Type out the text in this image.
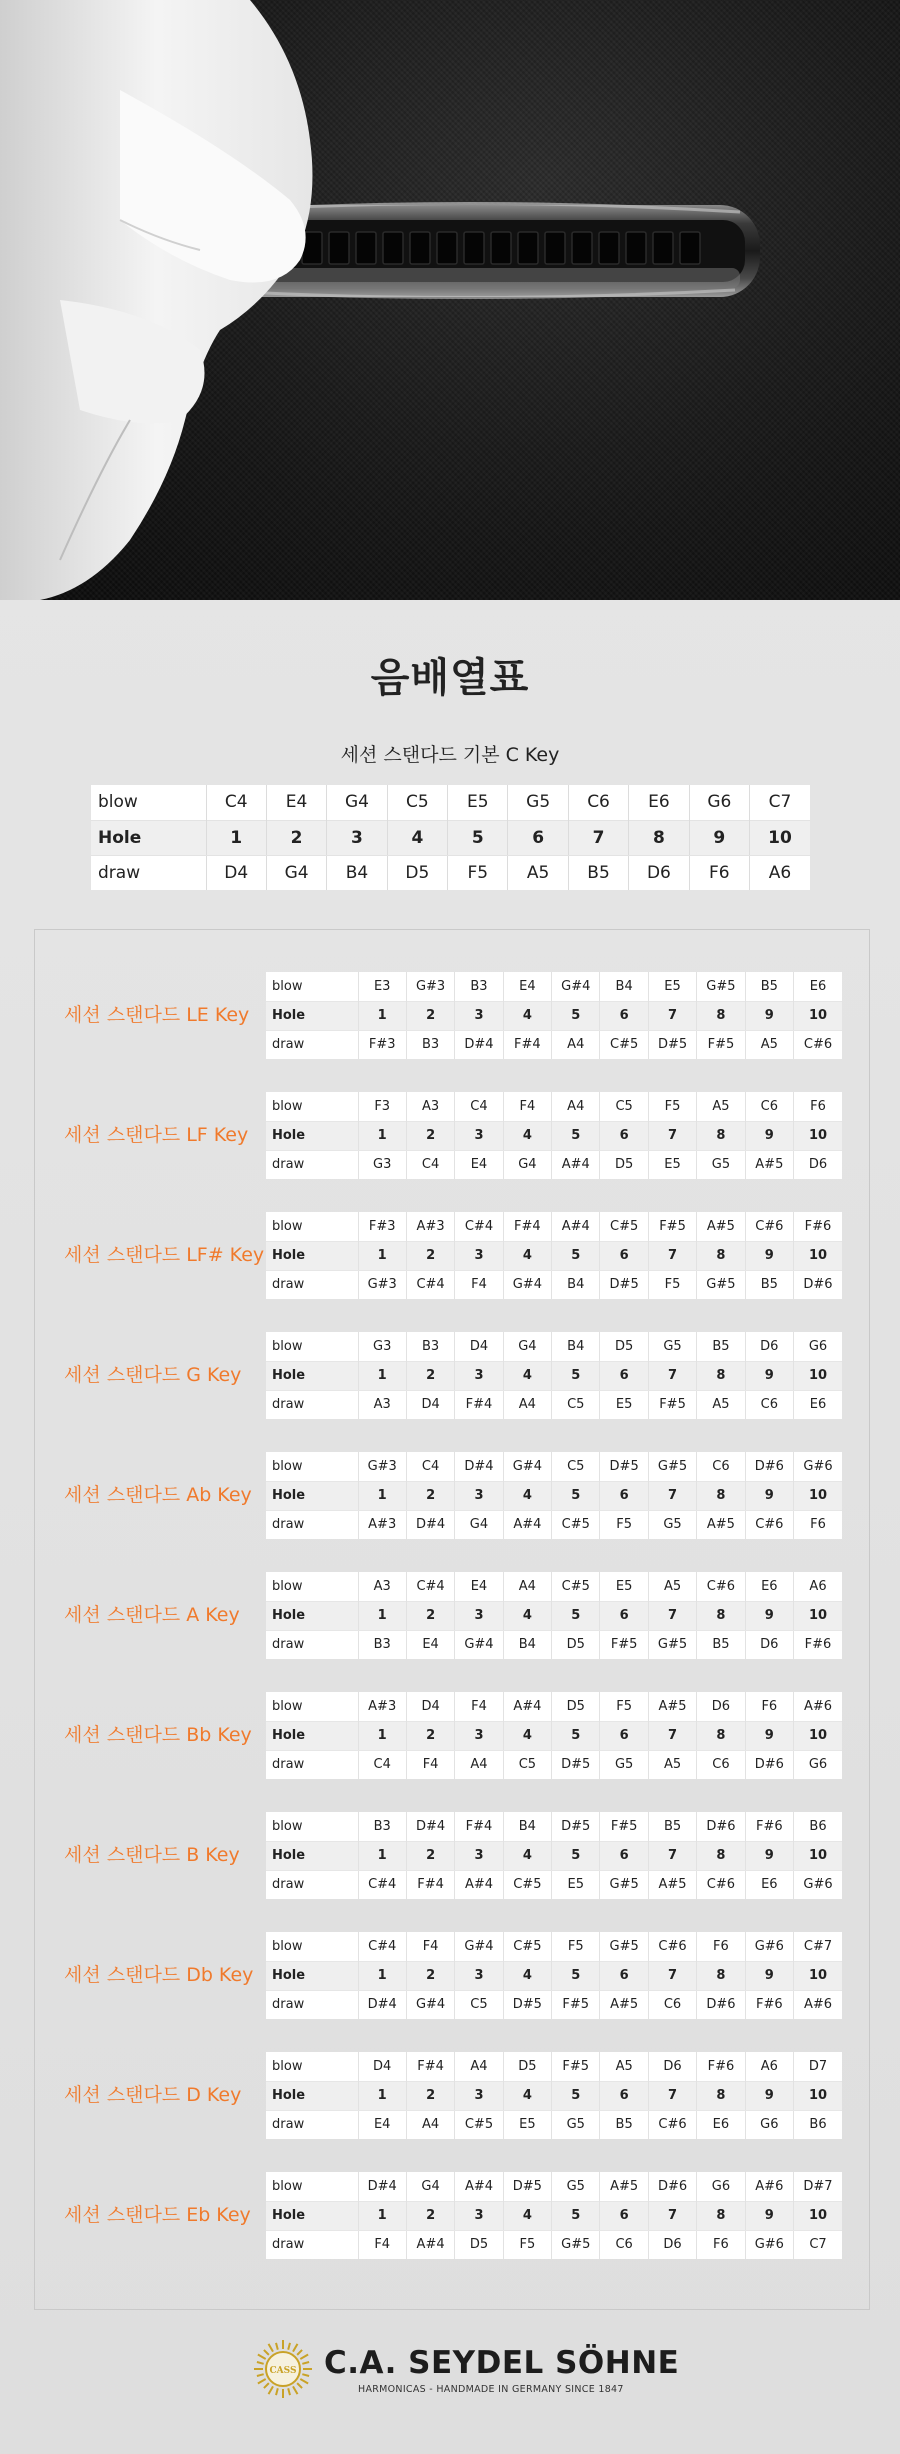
음배열표
세션 스탠다드 기본 C Key
blow	C4	E4	G4	C5	E5	G5	C6	E6	G6	C7
Hole	1	2	3	4	5	6	7	8	9	10
draw	D4	G4	B4	D5	F5	A5	B5	D6	F6	A6
세션 스탠다드 LE Key
blow	E3	G#3	B3	E4	G#4	B4	E5	G#5	B5	E6
Hole	1	2	3	4	5	6	7	8	9	10
draw	F#3	B3	D#4	F#4	A4	C#5	D#5	F#5	A5	C#6
세션 스탠다드 LF Key
blow	F3	A3	C4	F4	A4	C5	F5	A5	C6	F6
Hole	1	2	3	4	5	6	7	8	9	10
draw	G3	C4	E4	G4	A#4	D5	E5	G5	A#5	D6
세션 스탠다드 LF# Key
blow	F#3	A#3	C#4	F#4	A#4	C#5	F#5	A#5	C#6	F#6
Hole	1	2	3	4	5	6	7	8	9	10
draw	G#3	C#4	F4	G#4	B4	D#5	F5	G#5	B5	D#6
세션 스탠다드 G Key
blow	G3	B3	D4	G4	B4	D5	G5	B5	D6	G6
Hole	1	2	3	4	5	6	7	8	9	10
draw	A3	D4	F#4	A4	C5	E5	F#5	A5	C6	E6
세션 스탠다드 Ab Key
blow	G#3	C4	D#4	G#4	C5	D#5	G#5	C6	D#6	G#6
Hole	1	2	3	4	5	6	7	8	9	10
draw	A#3	D#4	G4	A#4	C#5	F5	G5	A#5	C#6	F6
세션 스탠다드 A Key
blow	A3	C#4	E4	A4	C#5	E5	A5	C#6	E6	A6
Hole	1	2	3	4	5	6	7	8	9	10
draw	B3	E4	G#4	B4	D5	F#5	G#5	B5	D6	F#6
세션 스탠다드 Bb Key
blow	A#3	D4	F4	A#4	D5	F5	A#5	D6	F6	A#6
Hole	1	2	3	4	5	6	7	8	9	10
draw	C4	F4	A4	C5	D#5	G5	A5	C6	D#6	G6
세션 스탠다드 B Key
blow	B3	D#4	F#4	B4	D#5	F#5	B5	D#6	F#6	B6
Hole	1	2	3	4	5	6	7	8	9	10
draw	C#4	F#4	A#4	C#5	E5	G#5	A#5	C#6	E6	G#6
세션 스탠다드 Db Key
blow	C#4	F4	G#4	C#5	F5	G#5	C#6	F6	G#6	C#7
Hole	1	2	3	4	5	6	7	8	9	10
draw	D#4	G#4	C5	D#5	F#5	A#5	C6	D#6	F#6	A#6
세션 스탠다드 D Key
blow	D4	F#4	A4	D5	F#5	A5	D6	F#6	A6	D7
Hole	1	2	3	4	5	6	7	8	9	10
draw	E4	A4	C#5	E5	G5	B5	C#6	E6	G6	B6
세션 스탠다드 Eb Key
blow	D#4	G4	A#4	D#5	G5	A#5	D#6	G6	A#6	D#7
Hole	1	2	3	4	5	6	7	8	9	10
draw	F4	A#4	D5	F5	G#5	C6	D6	F6	G#6	C7
CASS C.A. SEYDEL SÖHNE
HARMONICAS - HANDMADE IN GERMANY SINCE 1847
